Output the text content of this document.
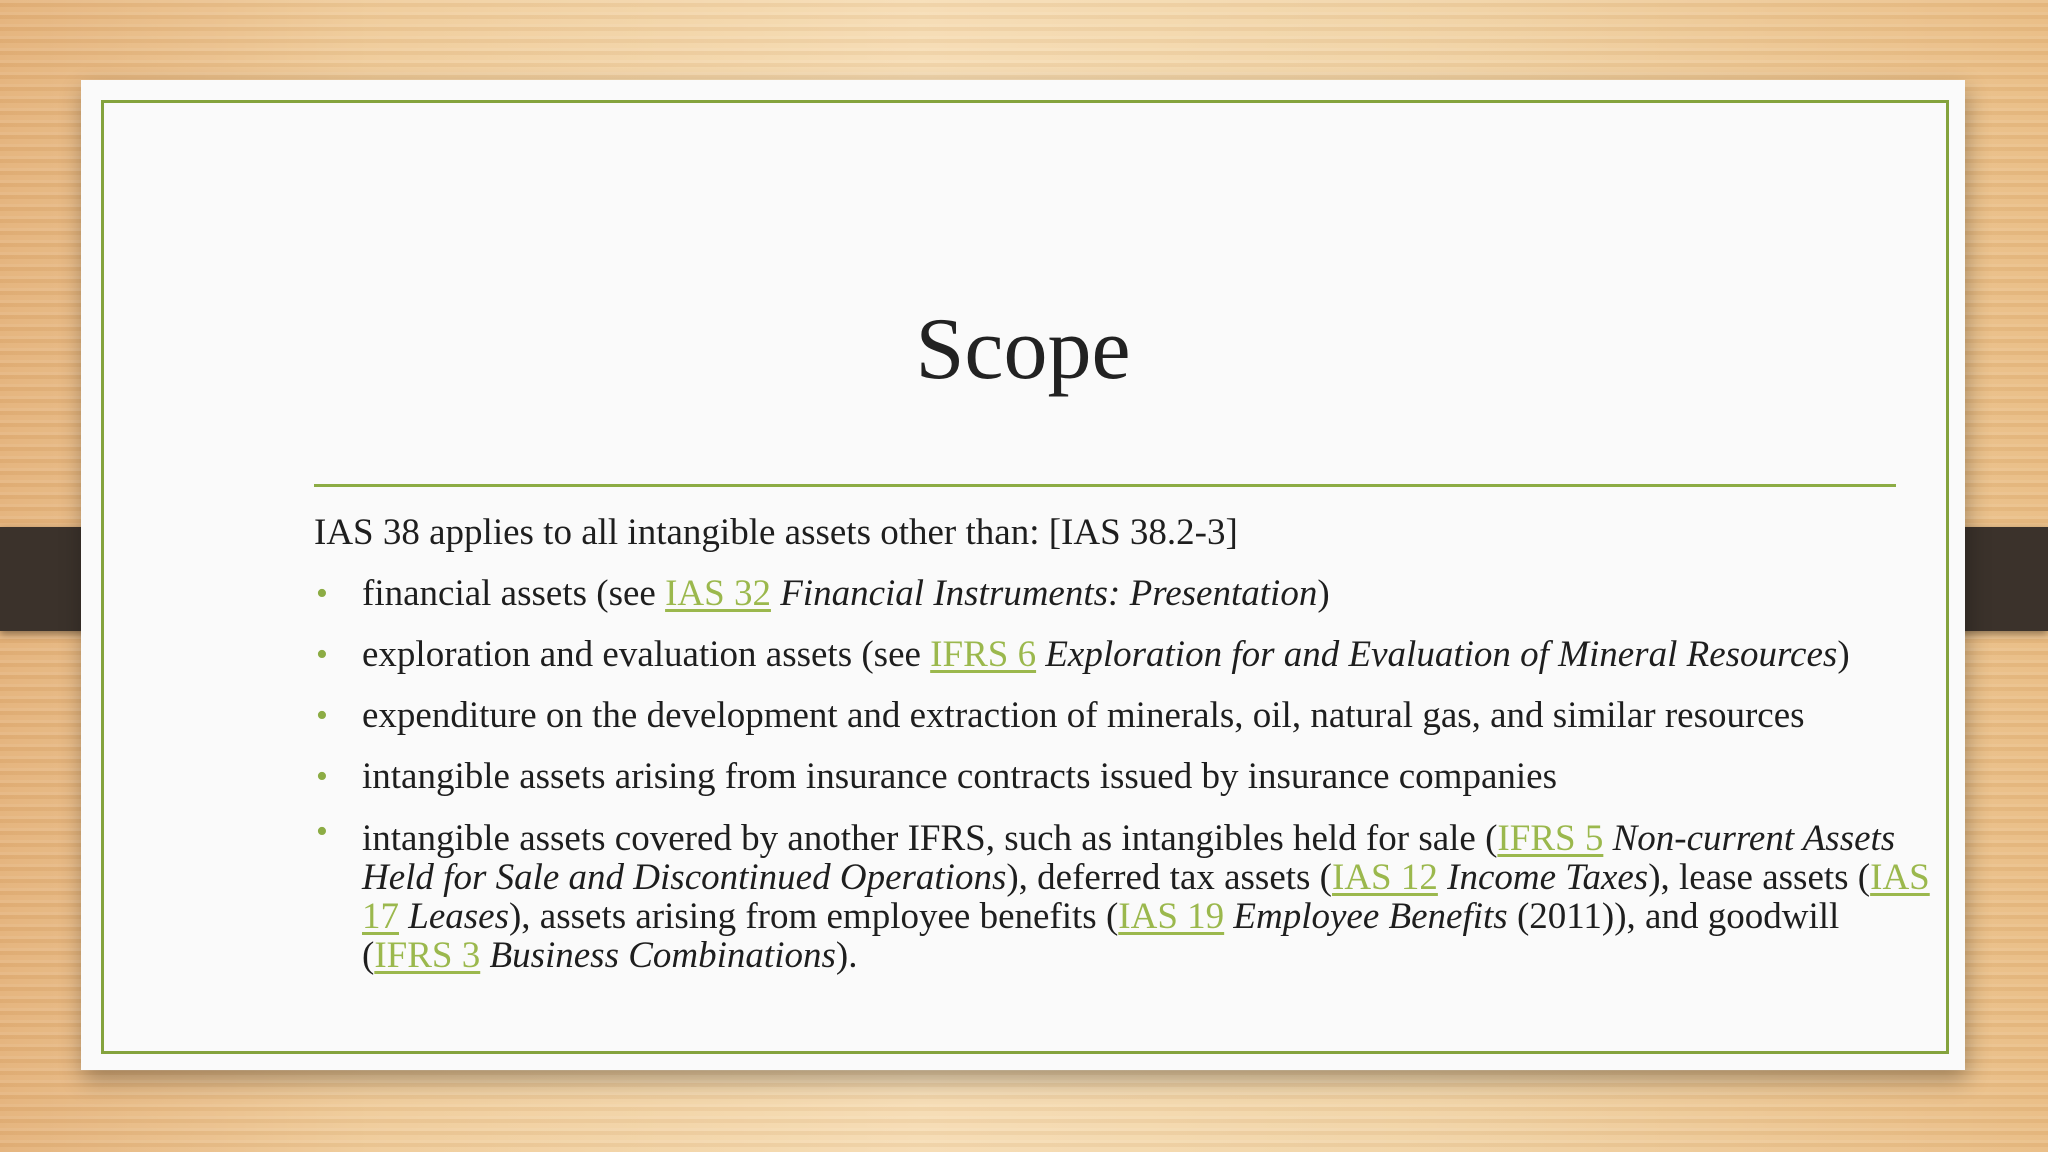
Scope

IAS 38 applies to all intangible assets other than: [IAS 38.2-3]

• financial assets (see IAS 32 Financial Instruments: Presentation)
• exploration and evaluation assets (see IFRS 6 Exploration for and Evaluation of Mineral Resources)
• expenditure on the development and extraction of minerals, oil, natural gas, and similar resources
• intangible assets arising from insurance contracts issued by insurance companies
• intangible assets covered by another IFRS, such as intangibles held for sale (IFRS 5 Non-current Assets Held for Sale and Discontinued Operations), deferred tax assets (IAS 12 Income Taxes), lease assets (IAS 17 Leases), assets arising from employee benefits (IAS 19 Employee Benefits (2011)), and goodwill (IFRS 3 Business Combinations).
